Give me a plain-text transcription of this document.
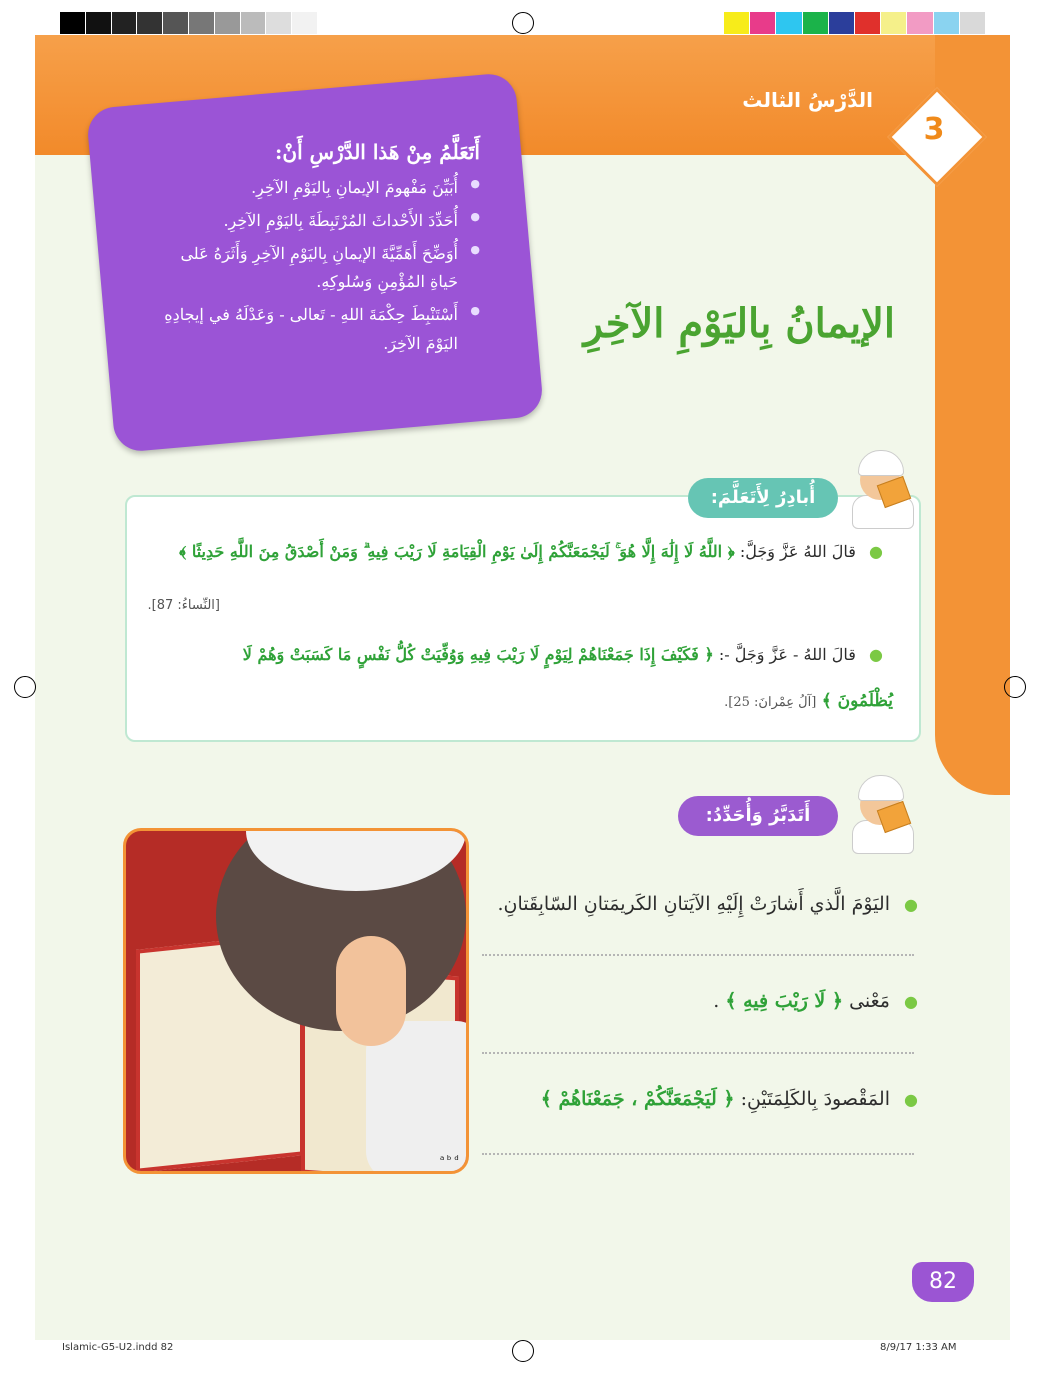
الدَّرْسُ الثالث
3
أَتَعَلَّمُ مِنْ هَذا الدَّرْسِ أَنْ:
● أُبَيِّنَ مَفْهومَ الإيمانِ بِاليَوْمِ الآخِرِ.
● أُحَدِّدَ الأَحْداثَ المُرْتَبِطَةَ بِاليَوْمِ الآخِرِ.
● أُوَضِّحَ أَهَمِّيَّةَ الإيمانِ بِاليَوْمِ الآخِرِ وَأَثَرَهُ عَلى حَياةِ المُؤْمِنِ وَسُلوكِهِ.
● أَسْتَنْبِطَ حِكْمَةَ اللهِ - تَعالى - وَعَدْلَهُ في إيجادِهِ اليَوْمَ الآخِرَ.	الإيمانُ بِاليَوْمِ الآخِرِ
أُبادِرُ لِأَتَعَلَّمَ:
● قالَ اللهُ عَزَّ وَجَلَّ: ﴿ اللَّهُ لَا إِلَٰهَ إِلَّا هُوَ ۚ لَيَجْمَعَنَّكُمْ إِلَىٰ يَوْمِ الْقِيَامَةِ لَا رَيْبَ فِيهِ ۗ وَمَنْ أَصْدَقُ مِنَ اللَّهِ حَدِيثًا ﴾
[النِّساءُ: 87].
● قالَ اللهُ - عَزَّ وَجَلَّ -: ﴿ فَكَيْفَ إِذَا جَمَعْنَاهُمْ لِيَوْمٍ لَا رَيْبَ فِيهِ وَوُفِّيَتْ كُلُّ نَفْسٍ مَا كَسَبَتْ وَهُمْ لَا
يُظْلَمُونَ ﴾ [آلُ عِمْرانَ: 25].
أَتَدَبَّرُ وَأُحَدِّدُ:
ᵃᵇᵈ
● اليَوْمَ الَّذي أَشارَتْ إِلَيْهِ الآيَتانِ الكَريمَتانِ السّابِقَتانِ.
● مَعْنى ﴿ لَا رَيْبَ فِيهِ ﴾ .
● المَقْصودَ بِالكَلِمَتَيْنِ: ﴿ لَيَجْمَعَنَّكُمْ ، جَمَعْنَاهُمْ ﴾
82
Islamic-G5-U2.indd 82	8/9/17 1:33 AM
